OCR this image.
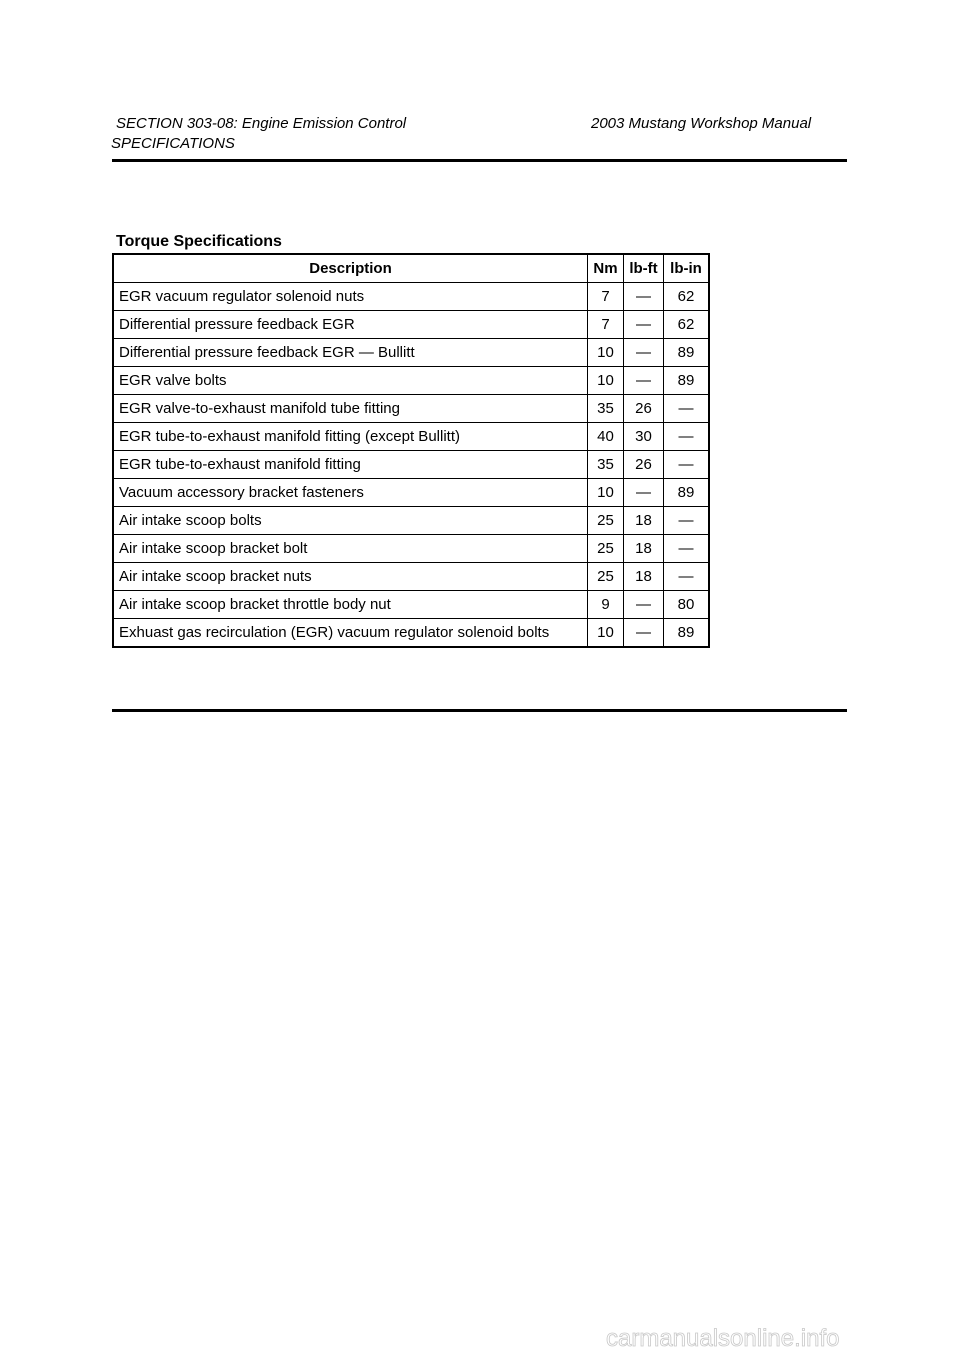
SECTION 303-08: Engine Emission Control	2003 Mustang Workshop Manual
SPECIFICATIONS
Torque Specifications
Description	Nm	lb-ft	lb-in
EGR vacuum regulator solenoid nuts	7	—	62
Differential pressure feedback EGR	7	—	62
Differential pressure feedback EGR — Bullitt	10	—	89
EGR valve bolts	10	—	89
EGR valve-to-exhaust manifold tube fitting	35	26	—
EGR tube-to-exhaust manifold fitting (except Bullitt)	40	30	—
EGR tube-to-exhaust manifold fitting	35	26	—
Vacuum accessory bracket fasteners	10	—	89
Air intake scoop bolts	25	18	—
Air intake scoop bracket bolt	25	18	—
Air intake scoop bracket nuts	25	18	—
Air intake scoop bracket throttle body nut	9	—	80
Exhuast gas recirculation (EGR) vacuum regulator solenoid bolts	10	—	89
carmanualsonline.info
